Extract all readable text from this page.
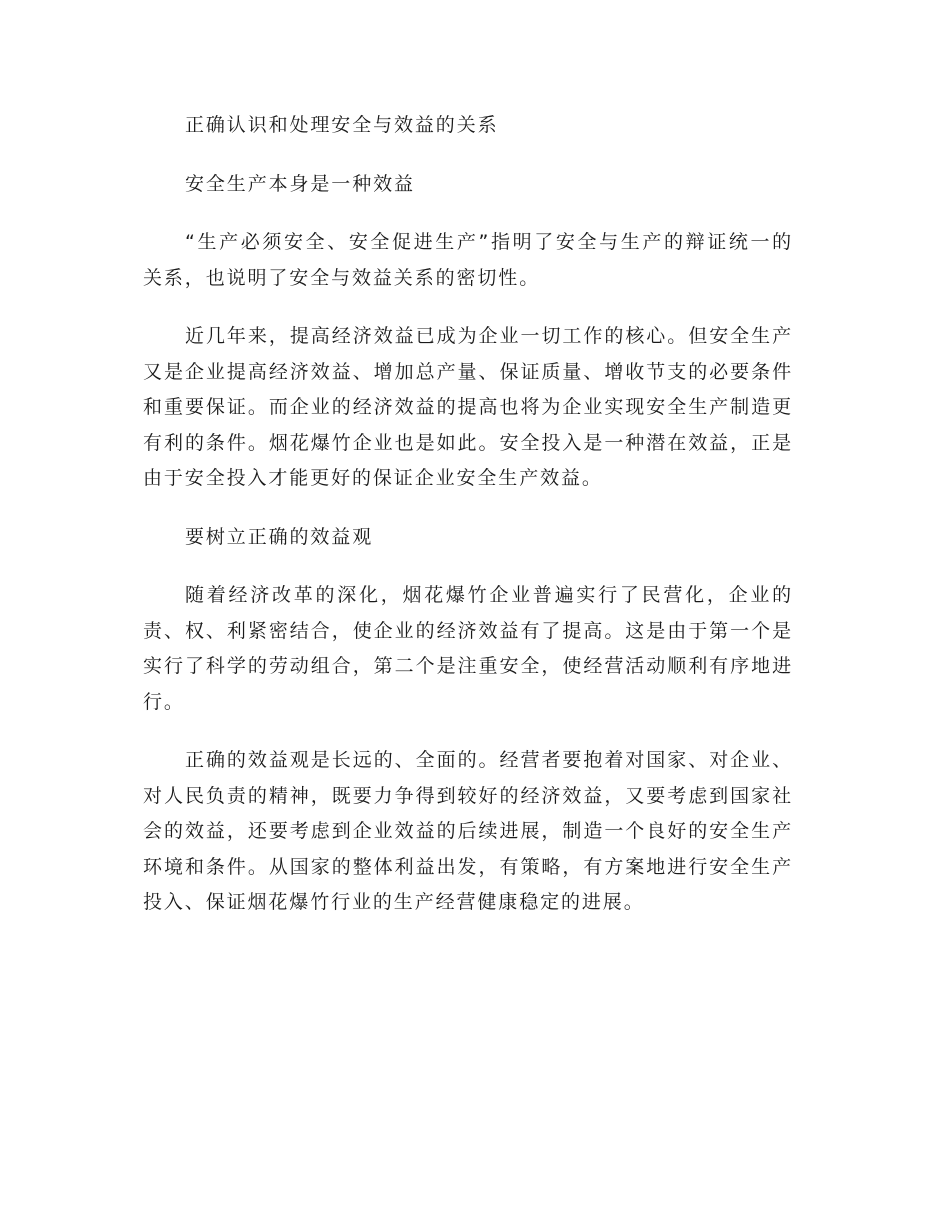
正确认识和处理安全与效益的关系

安全生产本身是一种效益

“生产必须安全、安全促进生产”指明了安全与生产的辩证统一的关系，也说明了安全与效益关系的密切性。

近几年来，提高经济效益已成为企业一切工作的核心。但安全生产又是企业提高经济效益、增加总产量、保证质量、增收节支的必要条件和重要保证。而企业的经济效益的提高也将为企业实现安全生产制造更有利的条件。烟花爆竹企业也是如此。安全投入是一种潜在效益，正是由于安全投入才能更好的保证企业安全生产效益。

要树立正确的效益观

随着经济改革的深化，烟花爆竹企业普遍实行了民营化，企业的责、权、利紧密结合，使企业的经济效益有了提高。这是由于第一个是实行了科学的劳动组合，第二个是注重安全，使经营活动顺利有序地进行。

正确的效益观是长远的、全面的。经营者要抱着对国家、对企业、对人民负责的精神，既要力争得到较好的经济效益，又要考虑到国家社会的效益，还要考虑到企业效益的后续进展，制造一个良好的安全生产环境和条件。从国家的整体利益出发，有策略，有方案地进行安全生产投入、保证烟花爆竹行业的生产经营健康稳定的进展。
